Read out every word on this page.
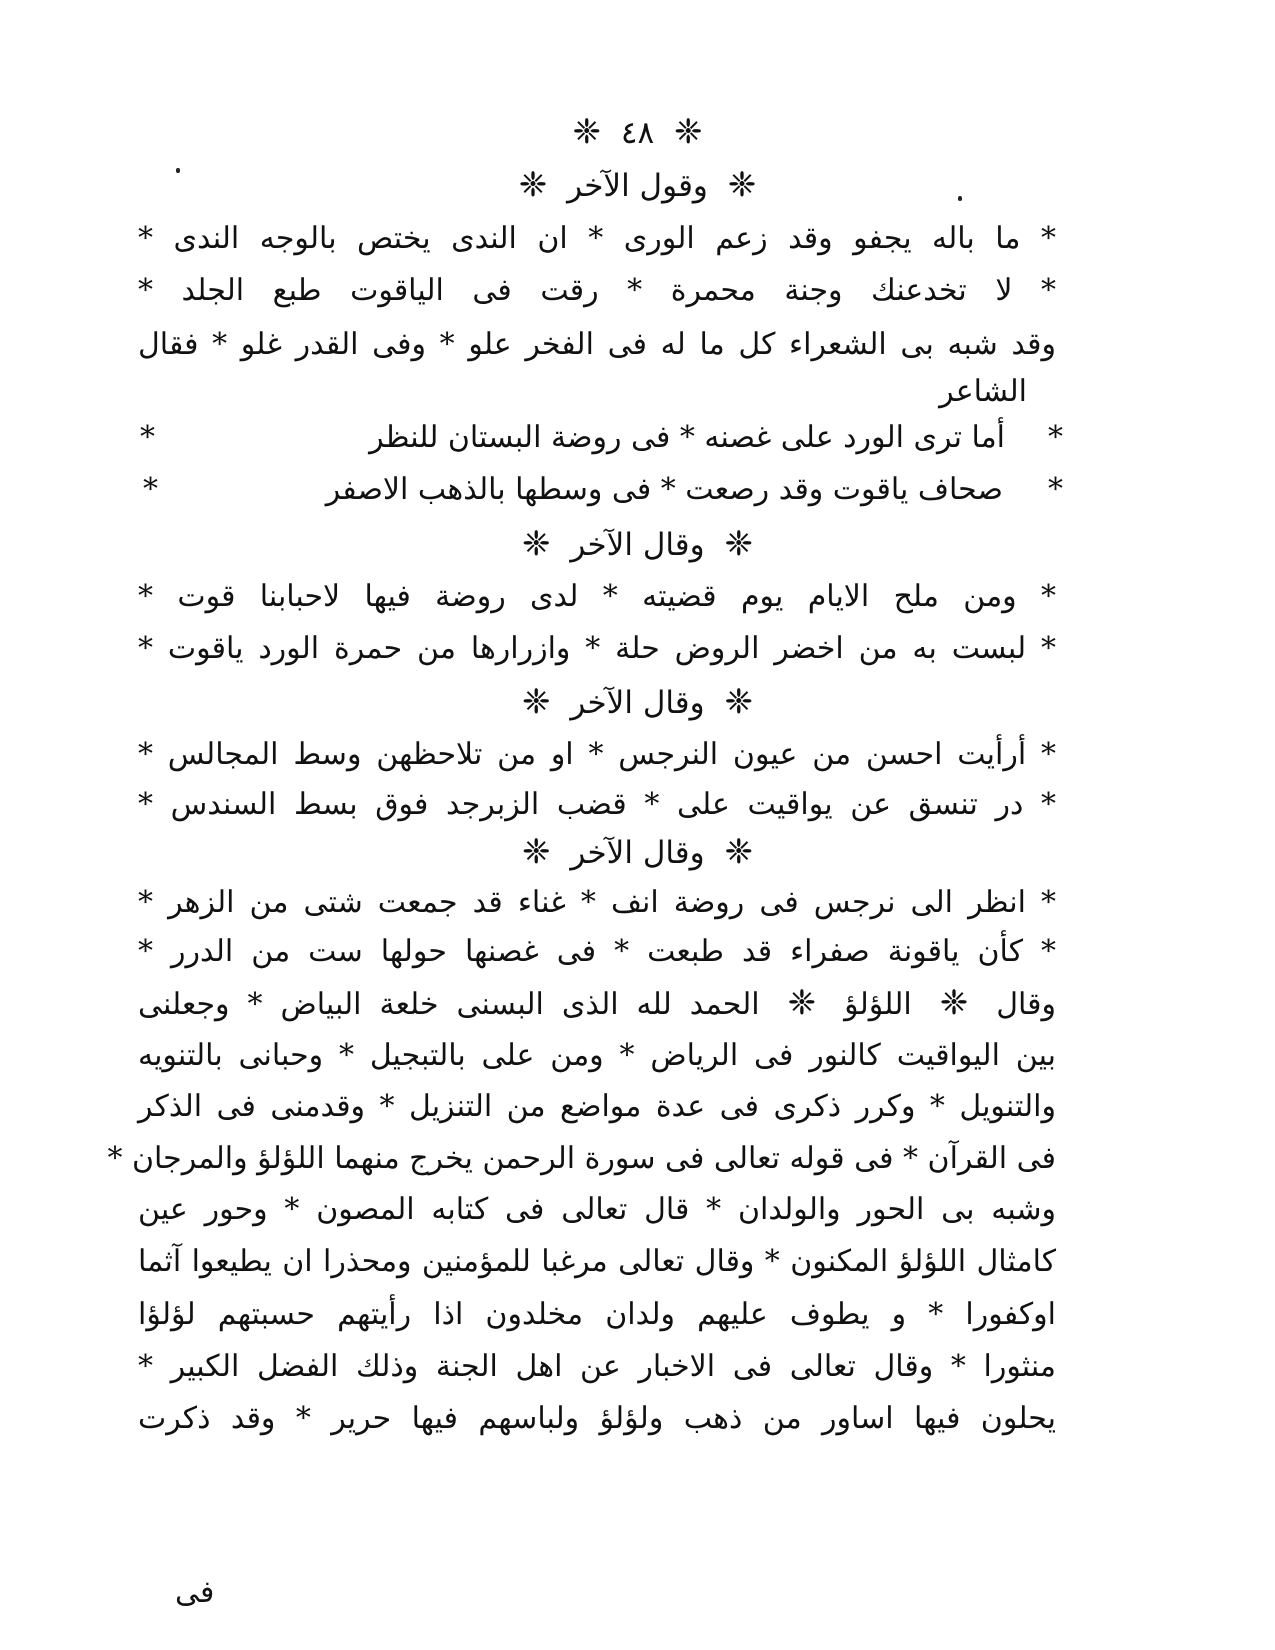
❈ ٤٨ ❈
❈ وقول الآخر ❈
* ما باله يجفو وقد زعم الورى * ان الندى يختص بالوجه الندى *
* لا تخدعنك وجنة محمرة * رقت فى الياقوت طبع الجلد *
وقد شبه بى الشعراء كل ما له فى الفخر علو * وفى القدر غلو * فقال
الشاعر
*
أما ترى الورد على غصنه * فى روضة البستان للنظر
*
*
صحاف ياقوت وقد رصعت * فى وسطها بالذهب الاصفر
*
❈ وقال الآخر ❈
* ومن ملح الايام يوم قضيته * لدى روضة فيها لاحبابنا قوت *
* لبست به من اخضر الروض حلة * وازرارها من حمرة الورد ياقوت *
❈ وقال الآخر ❈
* أرأيت احسن من عيون النرجس * او من تلاحظهن وسط المجالس *
* در تنسق عن يواقيت على * قضب الزبرجد فوق بسط السندس *
❈ وقال الآخر ❈
* انظر الى نرجس فى روضة انف * غناء قد جمعت شتى من الزهر *
* كأن ياقونة صفراء قد طبعت * فى غصنها حولها ست من الدرر *
وقال ❈ اللؤلؤ ❈ الحمد لله الذى البسنى خلعة البياض * وجعلنى
بين اليواقيت كالنور فى الرياض * ومن على بالتبجيل * وحبانى بالتنويه
والتنويل * وكرر ذكرى فى عدة مواضع من التنزيل * وقدمنى فى الذكر
فى القرآن * فى قوله تعالى فى سورة الرحمن يخرج منهما اللؤلؤ والمرجان *
وشبه بى الحور والولدان * قال تعالى فى كتابه المصون * وحور عين
كامثال اللؤلؤ المكنون * وقال تعالى مرغبا للمؤمنين ومحذرا ان يطيعوا آثما
اوكفورا * و يطوف عليهم ولدان مخلدون اذا رأيتهم حسبتهم لؤلؤا
منثورا * وقال تعالى فى الاخبار عن اهل الجنة وذلك الفضل الكبير *
يحلون فيها اساور من ذهب ولؤلؤ ولباسهم فيها حرير * وقد ذكرت
فى
